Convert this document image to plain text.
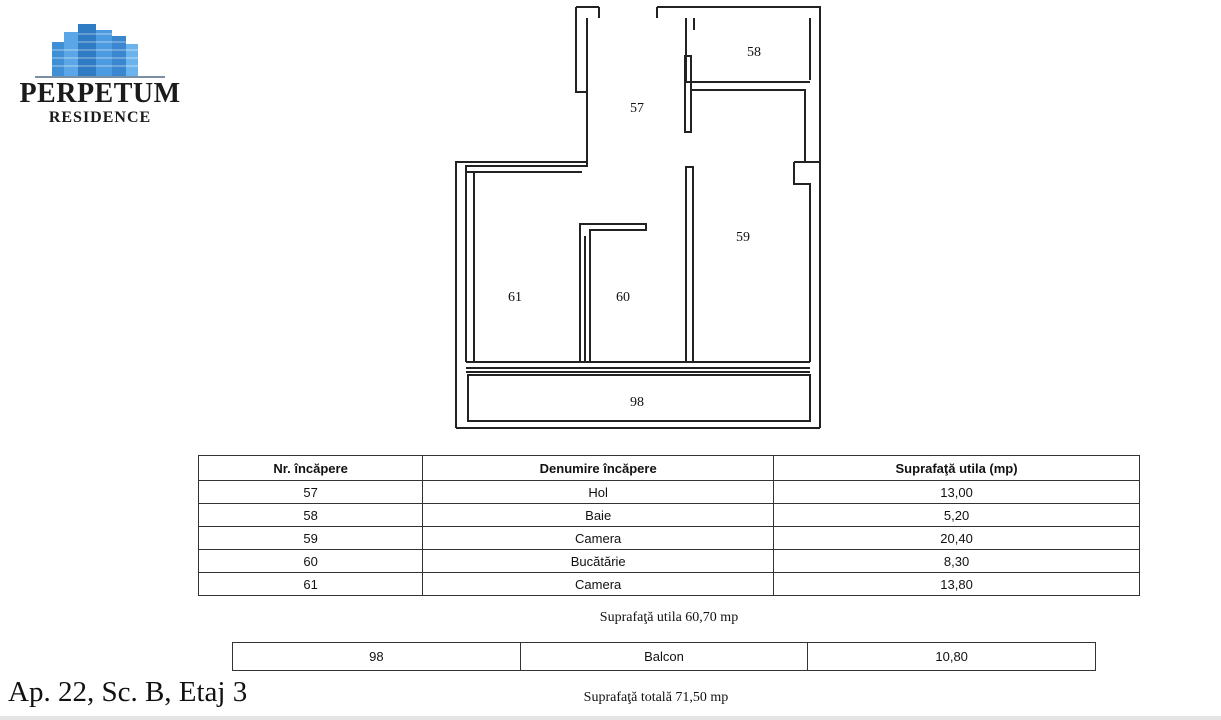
PERPETUM
RESIDENCE
57
58
59
60
61
98
Nr. încăpere	Denumire încăpere	Suprafaţă utila (mp)
57	Hol	13,00
58	Baie	5,20
59	Camera	20,40
60	Bucătărie	8,30
61	Camera	13,80
Suprafaţă utila 60,70 mp
98	Balcon	10,80
Ap. 22, Sc. B, Etaj 3	Suprafaţă totală 71,50 mp
